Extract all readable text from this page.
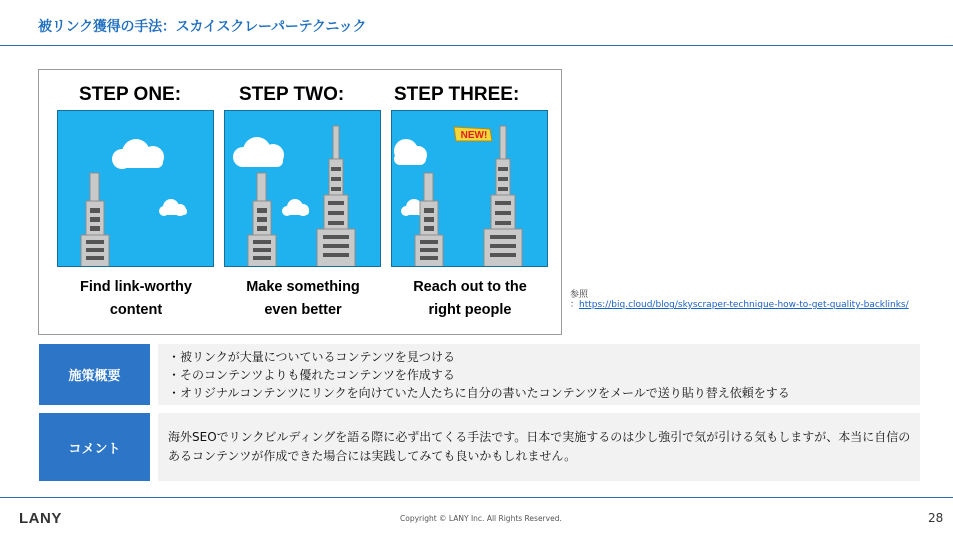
被リンク獲得の手法：スカイスクレーパーテクニック
STEP ONE:
Find link-worthy
content
STEP TWO:
Make something
even better
STEP THREE:
NEW!
Reach out to the
right people
参照
：https://biq.cloud/blog/skyscraper-technique-how-to-get-quality-backlinks/
施策概要
・ 被リンクが大量についているコンテンツを見つける
・ そのコンテンツよりも優れたコンテンツを作成する
・ オリジナルコンテンツにリンクを向けていた人たちに自分の書いたコンテンツをメールで送り貼り替え依頼をする
コメント
海外SEOでリンクビルディングを語る際に必ず出てくる手法です。日本で実施するのは少し強引で気が引ける気もしますが、本当に自信のあるコンテンツが作成できた場合には実践してみても良いかもしれません。
LANY	Copyright © LANY Inc. All Rights Reserved.	28
